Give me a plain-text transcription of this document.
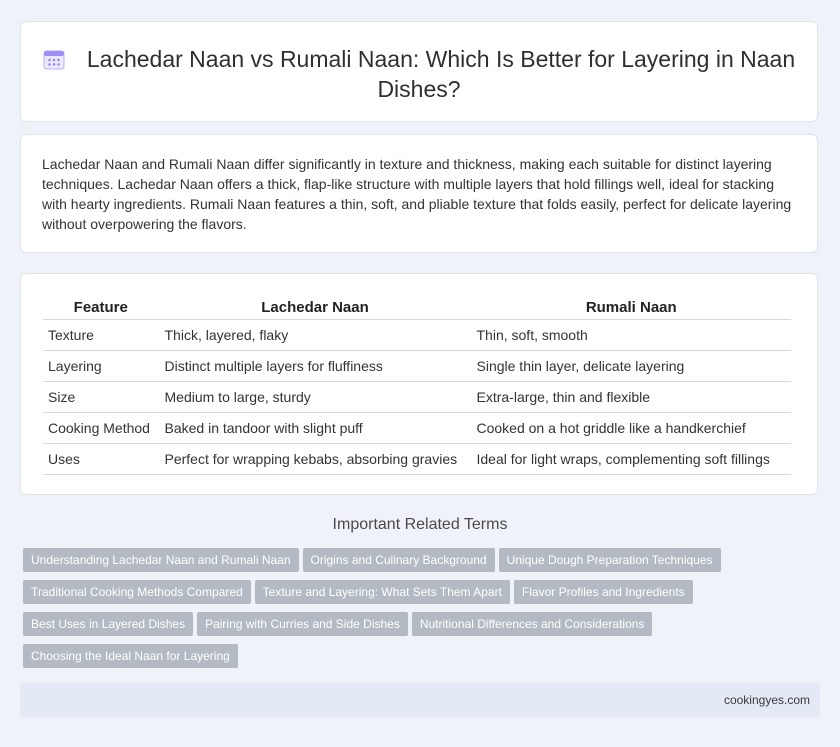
Lachedar Naan vs Rumali Naan: Which Is Better for Layering in Naan Dishes?
Lachedar Naan and Rumali Naan differ significantly in texture and thickness, making each suitable for distinct layering techniques. Lachedar Naan offers a thick, flap-like structure with multiple layers that hold fillings well, ideal for stacking with hearty ingredients. Rumali Naan features a thin, soft, and pliable texture that folds easily, perfect for delicate layering without overpowering the flavors.
Feature	Lachedar Naan	Rumali Naan
Texture	Thick, layered, flaky	Thin, soft, smooth
Layering	Distinct multiple layers for fluffiness	Single thin layer, delicate layering
Size	Medium to large, sturdy	Extra-large, thin and flexible
Cooking Method	Baked in tandoor with slight puff	Cooked on a hot griddle like a handkerchief
Uses	Perfect for wrapping kebabs, absorbing gravies	Ideal for light wraps, complementing soft fillings
Important Related Terms
Understanding Lachedar Naan and Rumali Naan Origins and Culinary Background Unique Dough Preparation TechniquesTraditional Cooking Methods Compared Texture and Layering: What Sets Them Apart Flavor Profiles and IngredientsBest Uses in Layered Dishes Pairing with Curries and Side Dishes Nutritional Differences and ConsiderationsChoosing the Ideal Naan for Layering
cookingyes.com
